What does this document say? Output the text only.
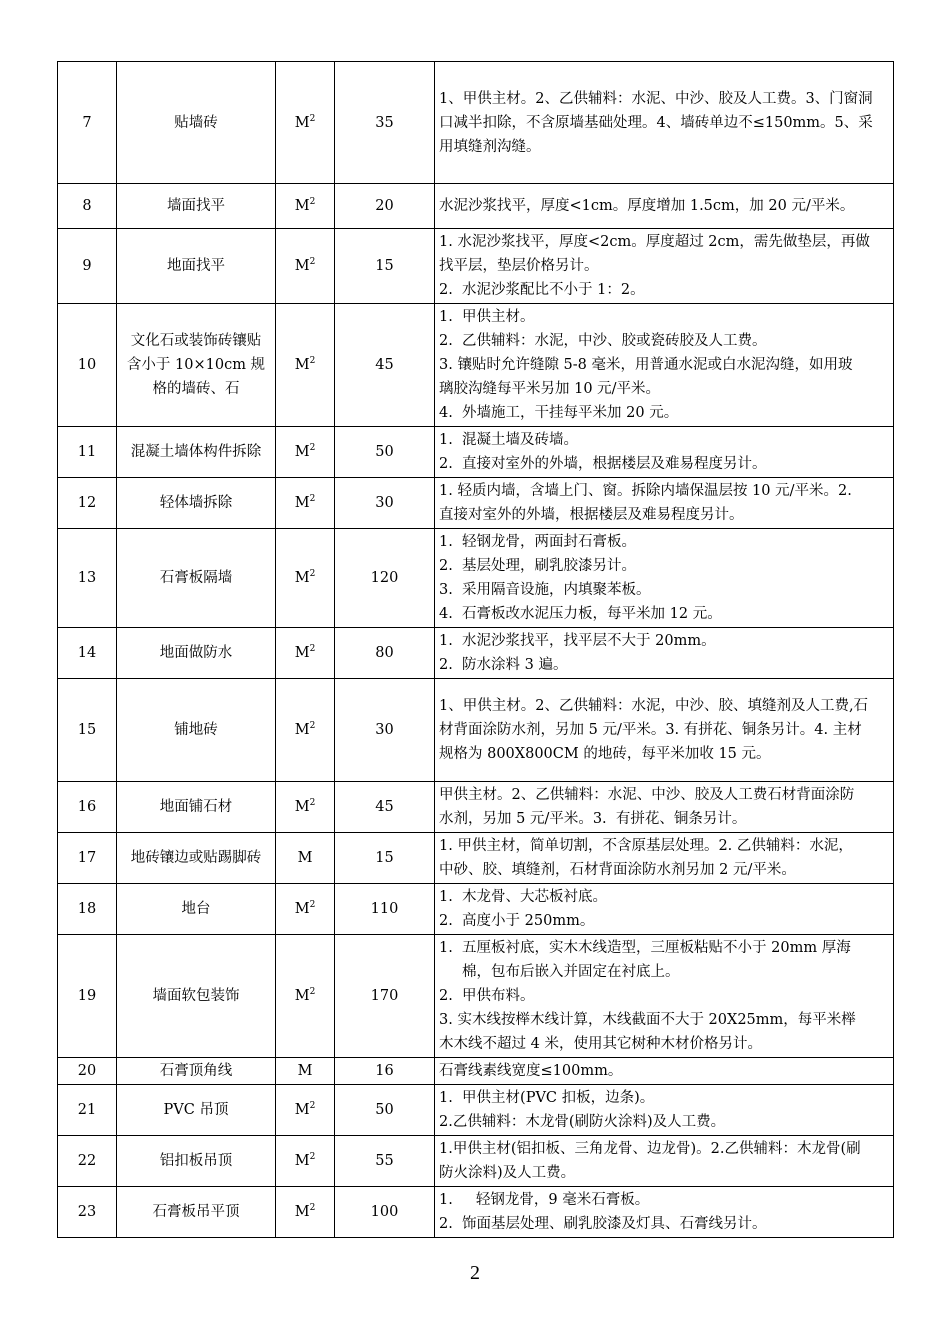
7	贴墙砖	$M^2$	35	1、甲供主材。2、乙供辅料：水泥、中沙、胶及人工费。3、门窗洞
口减半扣除，不含原墙基础处理。4、墙砖单边不≤150mm。5、采
用填缝剂沟缝。

8	墙面找平	$M^2$	20	水泥沙浆找平，厚度<1cm。厚度增加 1.5cm，加 20 元/平米。

9	地面找平	$M^2$	15	1. 水泥沙浆找平，厚度<2cm。厚度超过 2cm，需先做垫层，再做
找平层，垫层价格另计。
2.  水泥沙浆配比不小于 1：2。

10	文化石或装饰砖镶贴
含小于 10×10cm 规
格的墙砖、石	$M^2$	45	1.  甲供主材。
2.  乙供辅料：水泥，中沙、胶或瓷砖胶及人工费。
3. 镶贴时允许缝隙 5-8 毫米，用普通水泥或白水泥沟缝，如用玻
璃胶沟缝每平米另加 10 元/平米。
4.  外墙施工，干挂每平米加 20 元。

11	混凝土墙体构件拆除	$M^2$	50	1.  混凝土墙及砖墙。
2.  直接对室外的外墙，根据楼层及难易程度另计。

12	轻体墙拆除	$M^2$	30	1. 轻质内墙，含墙上门、窗。拆除内墙保温层按 10 元/平米。2.
直接对室外的外墙，根据楼层及难易程度另计。

13	石膏板隔墙	$M^2$	120	1.  轻钢龙骨，两面封石膏板。
2.  基层处理，刷乳胶漆另计。
3.  采用隔音设施，内填聚苯板。
4.  石膏板改水泥压力板，每平米加 12 元。

14	地面做防水	$M^2$	80	1.  水泥沙浆找平，找平层不大于 20mm。
2.  防水涂料 3 遍。

15	铺地砖	$M^2$	30	1、甲供主材。2、乙供辅料：水泥，中沙、胶、填缝剂及人工费,石
材背面涂防水剂，另加 5 元/平米。3. 有拼花、铜条另计。4. 主材
规格为 800X800CM 的地砖，每平米加收 15 元。

16	地面铺石材	$M^2$	45	甲供主材。2、乙供辅料：水泥、中沙、胶及人工费石材背面涂防
水剂，另加 5 元/平米。3.  有拼花、铜条另计。

17	地砖镶边或贴踢脚砖	M	15	1. 甲供主材，简单切割，不含原基层处理。2. 乙供辅料：水泥，
中砂、胶、填缝剂，石材背面涂防水剂另加 2 元/平米。

18	地台	$M^2$	110	1.  木龙骨、大芯板衬底。
2.  高度小于 250mm。

19	墙面软包装饰	$M^2$	170	1.  五厘板衬底，实木木线造型，三厘板粘贴不小于 20mm 厚海
棉，包布后嵌入并固定在衬底上。
2.  甲供布料。
3. 实木线按榉木线计算，木线截面不大于 20X25mm，每平米榉
木木线不超过 4 米，使用其它树种木材价格另计。

20	石膏顶角线	M	16	石膏线素线宽度≤100mm。

21	PVC 吊顶	$M^2$	50	1.  甲供主材(PVC 扣板，边条)。
2.乙供辅料：木龙骨(刷防火涂料)及人工费。

22	铝扣板吊顶	$M^2$	55	1.甲供主材(铝扣板、三角龙骨、边龙骨)。2.乙供辅料：木龙骨(刷
防火涂料)及人工费。

23	石膏板吊平顶	$M^2$	100	1.     轻钢龙骨，9 毫米石膏板。
2.  饰面基层处理、刷乳胶漆及灯具、石膏线另计。
2
